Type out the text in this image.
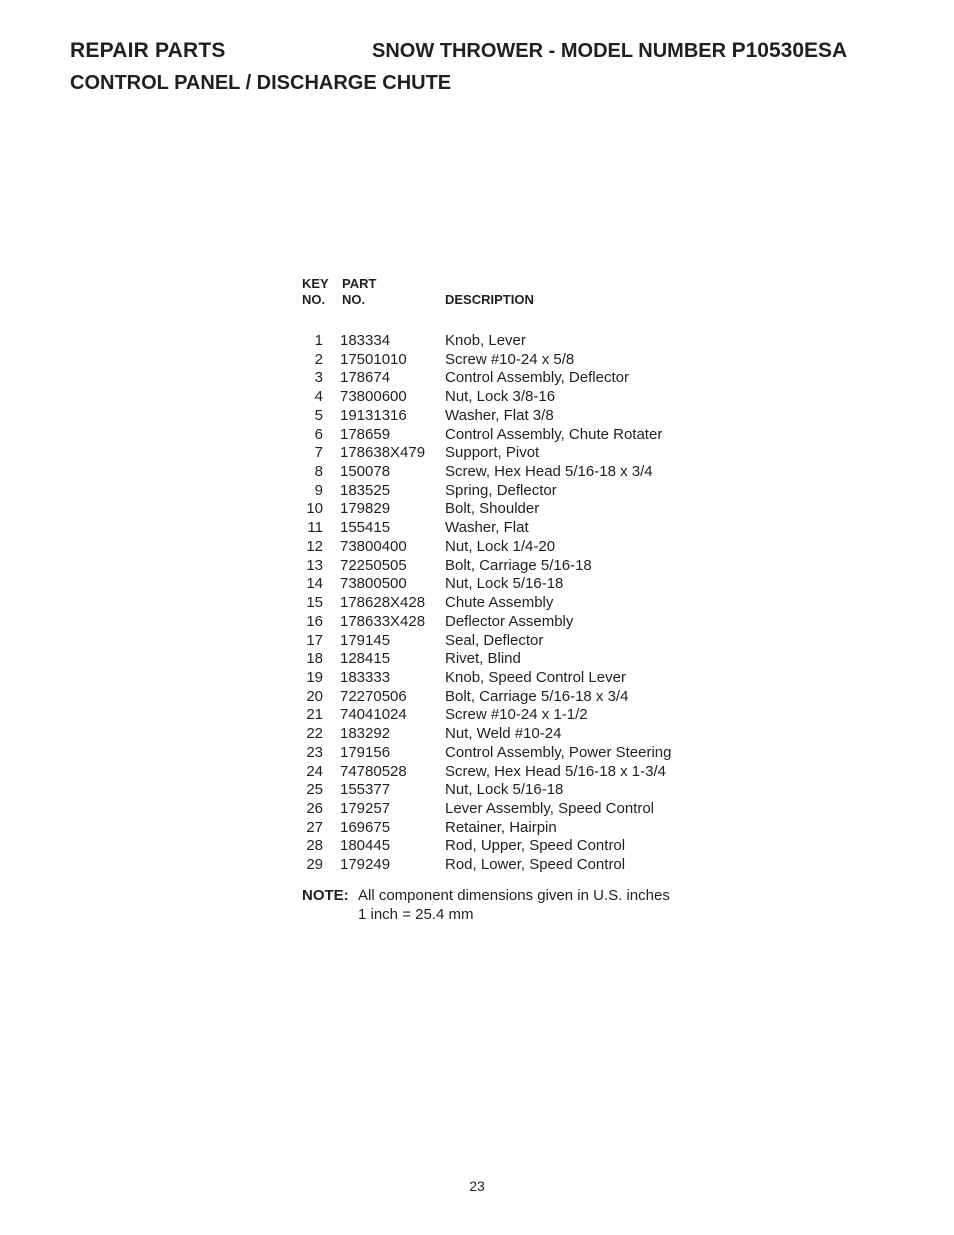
REPAIR PARTS	SNOW THROWER - MODEL NUMBER P10530ESA
CONTROL PANEL / DISCHARGE CHUTE
KEY
NO.
PART
NO.	DESCRIPTION
1 183334	Knob, Lever
2 17501010	Screw #10-24 x 5/8
3 178674	Control Assembly, Deflector
4 73800600	Nut, Lock 3/8-16
5 19131316	Washer, Flat 3/8
6 178659	Control Assembly, Chute Rotater
7 178638X479 Support, Pivot
8 150078	Screw, Hex Head 5/16-18 x 3/4
9 183525	Spring, Deflector
10 179829	Bolt, Shoulder
11 155415	Washer, Flat
12 73800400	Nut, Lock 1/4-20
13 72250505	Bolt, Carriage 5/16-18
14 73800500	Nut, Lock 5/16-18
15 178628X428 Chute Assembly
16 178633X428 Deflector Assembly
17 179145	Seal, Deflector
18 128415	Rivet, Blind
19 183333	Knob, Speed Control Lever
20 72270506	Bolt, Carriage 5/16-18 x 3/4
21 74041024	Screw #10-24 x 1-1/2
22 183292	Nut, Weld #10-24
23 179156	Control Assembly, Power Steering
24 74780528	Screw, Hex Head 5/16-18 x 1-3/4
25 155377	Nut, Lock 5/16-18
26 179257	Lever Assembly, Speed Control
27 169675	Retainer, Hairpin
28 180445	Rod, Upper, Speed Control
29 179249	Rod, Lower, Speed Control
NOTE: All component dimensions given in U.S. inches
1 inch = 25.4 mm
23
